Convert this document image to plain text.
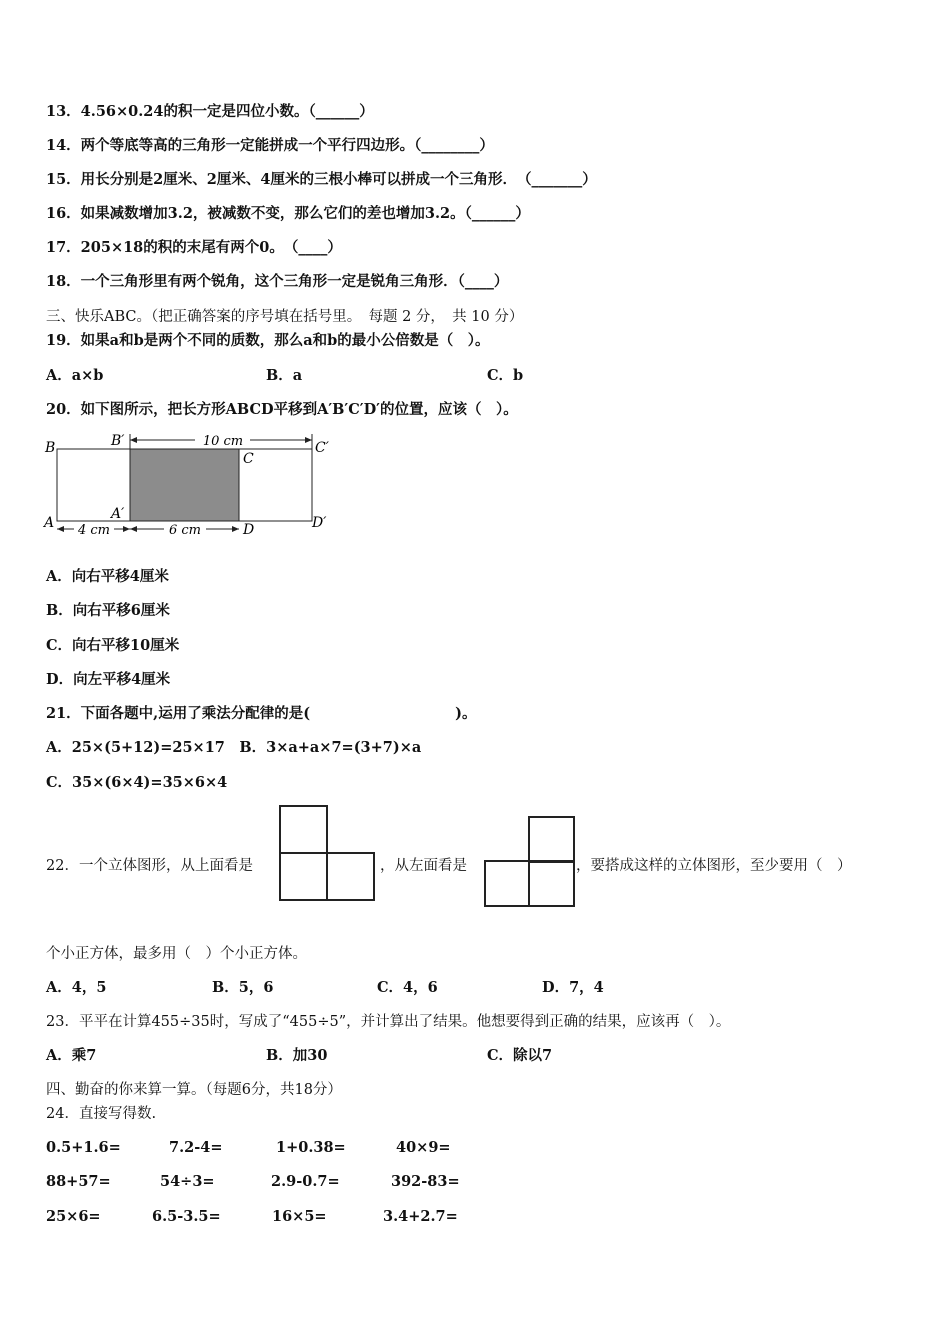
13．4.56×0.24的积一定是四位小数。（______）
14．两个等底等高的三角形一定能拼成一个平行四边形。（________）
15．用长分别是2厘米、2厘米、4厘米的三根小棒可以拼成一个三角形．　（_______）
16．如果减数增加3.2，被减数不变，那么它们的差也增加3.2。（______）
17．205×18的积的末尾有两个0。　（____）
18．一个三角形里有两个锐角，这个三角形一定是锐角三角形．（____）
三、快乐ABC。（把正确答案的序号填在括号里。　每题 2 分，　共 10 分）
19．如果a和b是两个不同的质数，那么a和b的最小公倍数是（　）。
A．a×b	B．a	C．b
20．如下图所示，把长方形ABCD平移到A′B′C′D′的位置，应该（　）。
10 cm
4 cm	6 cm
B	B′
C
C′
A
A′
D	D′
A．向右平移4厘米
B．向右平移6厘米
C．向右平移10厘米
D．向左平移4厘米
21．下面各题中,运用了乘法分配律的是(　　　　　　　　　　)。
A．25×(5+12)=25×17　B．3×a+a×7=(3+7)×a
C．35×(6×4)=35×6×4
22．一个立体图形，从上面看是	，从左面看是	，要搭成这样的立体图形，至少要用（　）
个小正方体，最多用（　）个小正方体。
A．4，5	B．5，6	C．4，6	D．7，4
23．平平在计算455÷35时，写成了“455÷5”，并计算出了结果。他想要得到正确的结果，应该再（　）。
A．乘7	B．加30	C．除以7
四、勤奋的你来算一算。（每题6分，共18分）
24．直接写得数.
0.5+1.6=	7.2-4=	1+0.38=	40×9=
88+57=	54÷3=	2.9-0.7=	392-83=
25×6=	6.5-3.5=	16×5=	3.4+2.7=
